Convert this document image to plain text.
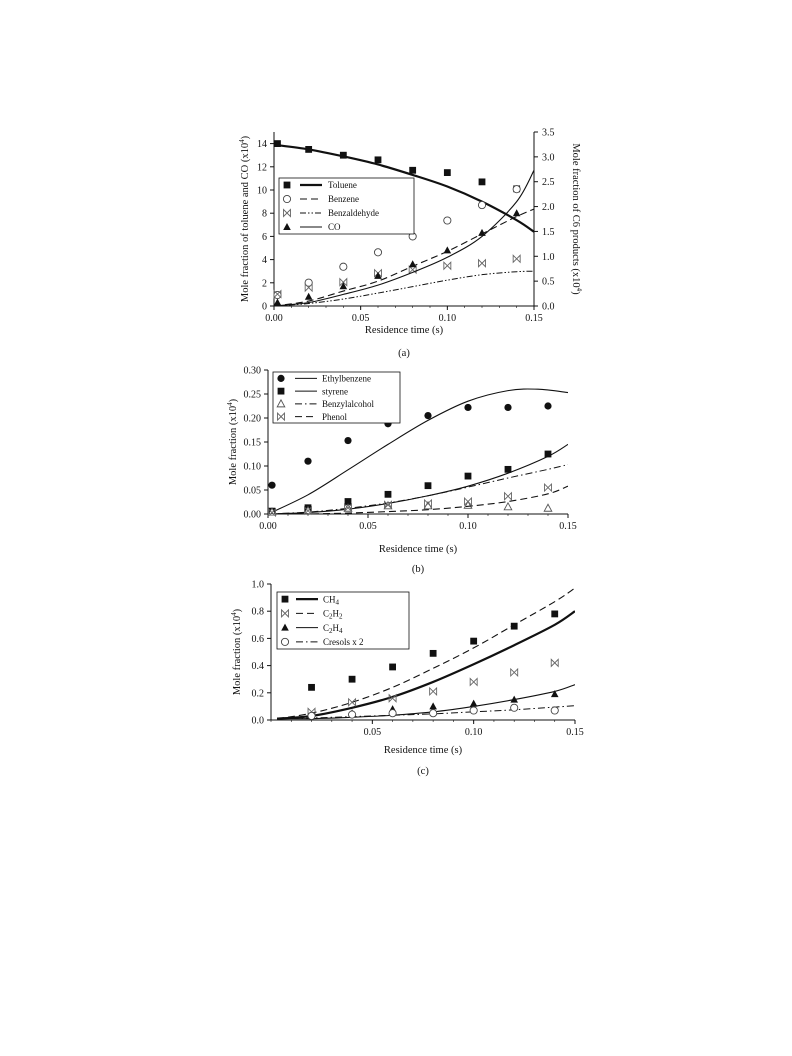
0.00	0.05	0.10	0.15
0
2
4
6
8
10
12
14
0.0
0.5
1.0
1.5
2.0
2.5
3.0
3.5
Residence time (s)
Mole fraction of toluene and CO $(x10^4)$
Mole fraction of C6 products $(x10^4)$
(a)
Toluene
Benzene
Benzaldehyde
CO
0.00	0.05	0.10	0.15
0.00
0.05
0.10
0.15
0.20
0.25
0.30
Residence time (s)
Mole fraction $(x10^4)$
(b)
Ethylbenzene
styrene
Benzylalcohol
Phenol
0.05	0.10	0.15
0.0
0.2
0.4
0.6
0.8
1.0
Residence time (s)
Mole fraction $(x10^4)$
(c)
$CH_4$
$C_2H_2$
$C_2H_4$
Cresols x 2
